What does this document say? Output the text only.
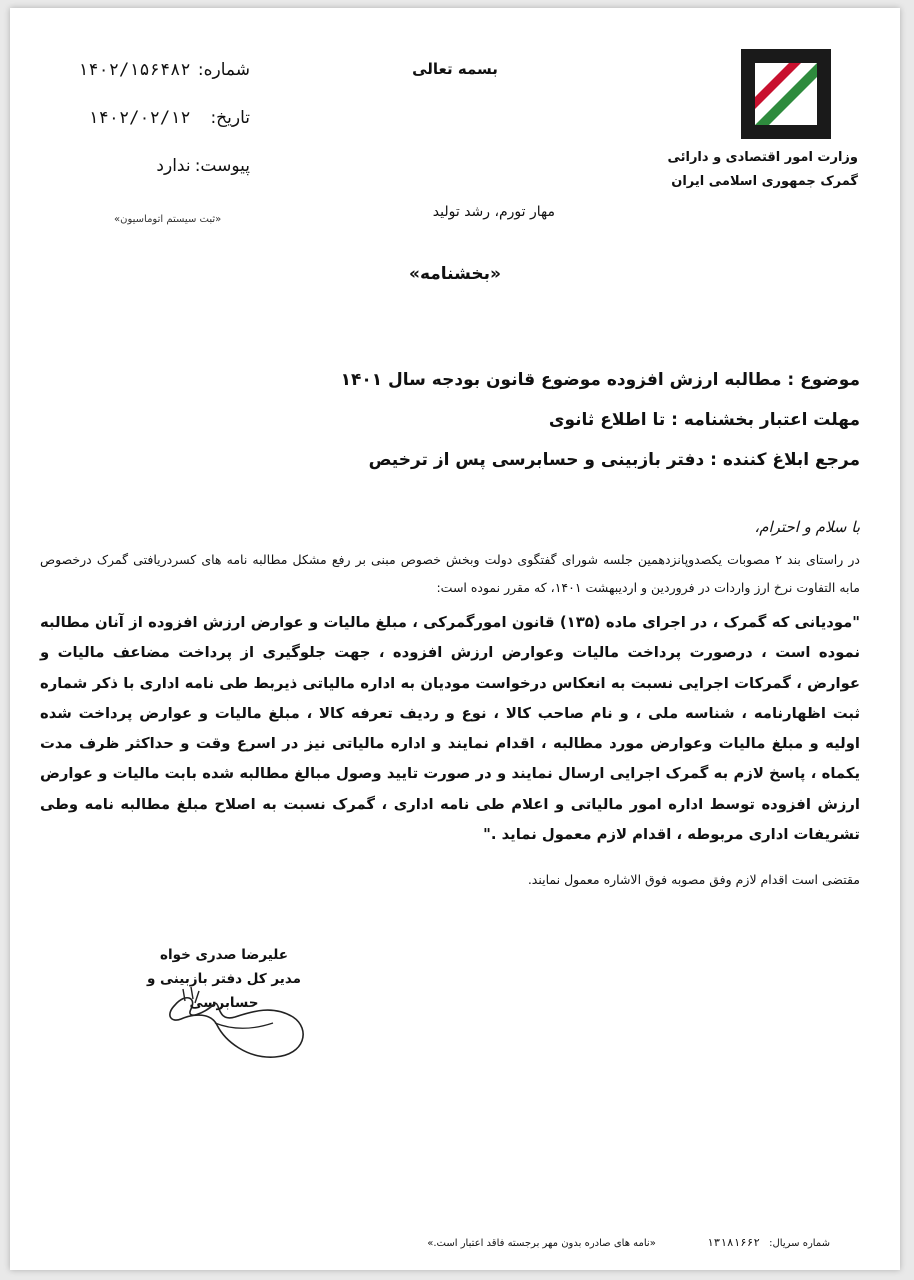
بسمه تعالی
وزارت امور اقتصادی و دارائی
گمرک جمهوری اسلامی ایران
شماره: ۱۴۰۲/۱۵۶۴۸۲
تاریخ: ۱۴۰۲/۰۲/۱۲
پیوست: ندارد
«ثبت سیستم اتوماسیون»	مهار تورم، رشد تولید
«بخشنامه»
موضوع : مطالبه ارزش افزوده موضوع قانون بودجه سال ۱۴۰۱
مهلت اعتبار بخشنامه : تا اطلاع ثانوی
مرجع ابلاغ کننده : دفتر بازبینی و حسابرسی پس از ترخیص
با سلام و احترام،
در راستای بند ۲ مصوبات یکصدوپانزدهمین جلسه شورای گفتگوی دولت وبخش خصوص مبنی بر رفع مشکل مطالبه نامه های کسردریافتی گمرک درخصوص مابه التفاوت نرخ ارز واردات در فروردین و اردیبهشت ۱۴۰۱، که مقرر نموده است:
"مودیانی که گمرک ، در اجرای ماده (۱۳۵) قانون امورگمرکی ، مبلغ مالیات و عوارض ارزش افزوده از آنان مطالبه نموده است ، درصورت پرداخت مالیات وعوارض ارزش افزوده ، جهت جلوگیری از پرداخت مضاعف مالیات و عوارض ، گمرکات اجرایی نسبت به انعکاس درخواست مودیان به اداره مالیاتی ذیربط طی نامه اداری با ذکر شماره ثبت اظهارنامه ، شناسه ملی ، و نام صاحب کالا ، نوع و ردیف تعرفه کالا ، مبلغ مالیات و عوارض پرداخت شده اولیه و مبلغ مالیات وعوارض مورد مطالبه ، اقدام نمایند و اداره مالیاتی نیز در اسرع وقت و حداکثر ظرف مدت یکماه ، پاسخ لازم به گمرک اجرایی ارسال نمایند و در صورت تایید وصول مبالغ مطالبه شده بابت مالیات و عوارض ارزش افزوده توسط اداره امور مالیاتی و اعلام طی نامه اداری ، گمرک نسبت به اصلاح مبلغ مطالبه نامه وطی تشریفات اداری مربوطه ، اقدام لازم معمول نماید ."
مقتضی است اقدام لازم وفق مصوبه فوق الاشاره معمول نمایند.
علیرضا صدری خواه
مدیر کل دفتر بازبینی و حسابرسی
شماره سریال: ۱۳۱۸۱۶۶۲ «نامه های صادره بدون مهر برجسته فاقد اعتبار است.»
